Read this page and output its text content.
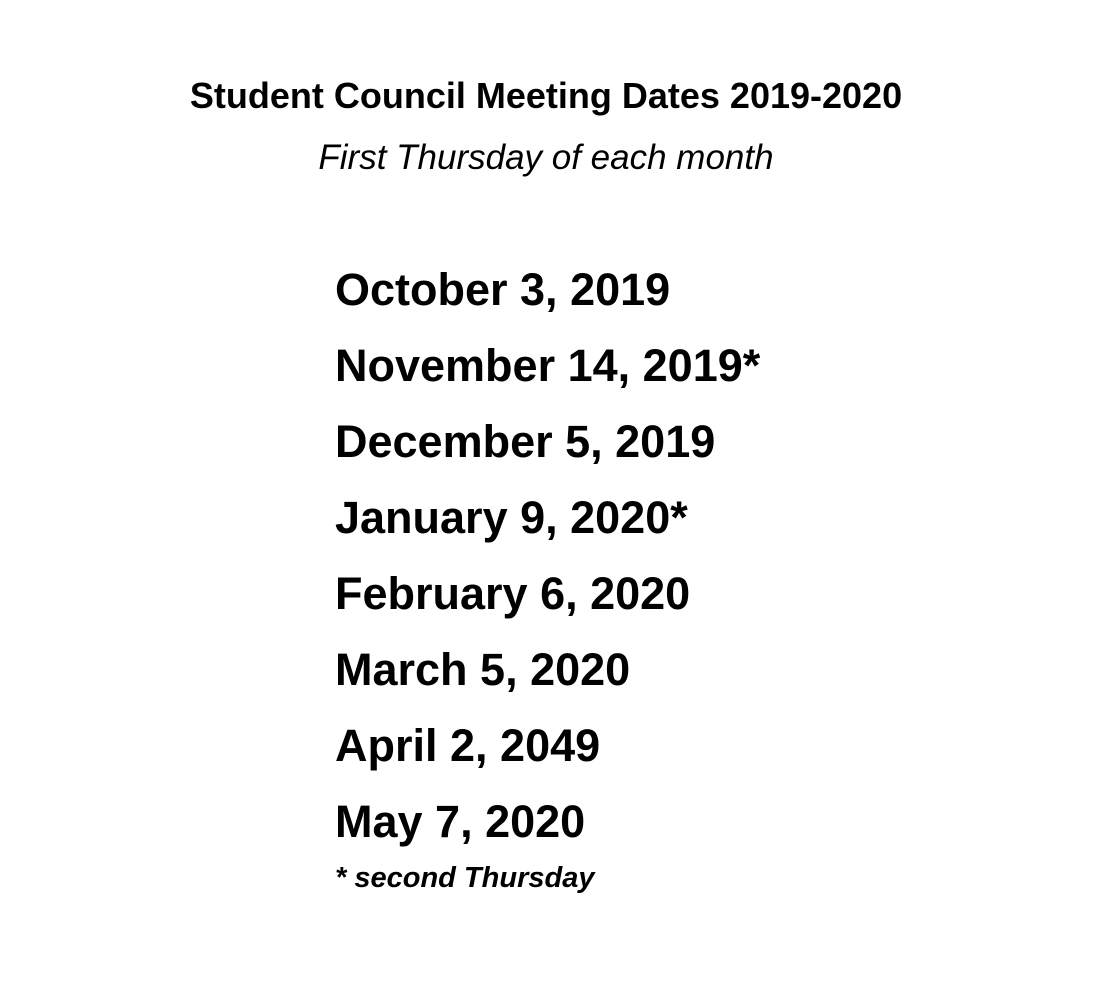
Student Council Meeting Dates 2019-2020

First Thursday of each month

October 3, 2019
November 14, 2019*
December 5, 2019
January 9, 2020*
February 6, 2020
March 5, 2020
April 2, 2049
May 7, 2020

* second Thursday
